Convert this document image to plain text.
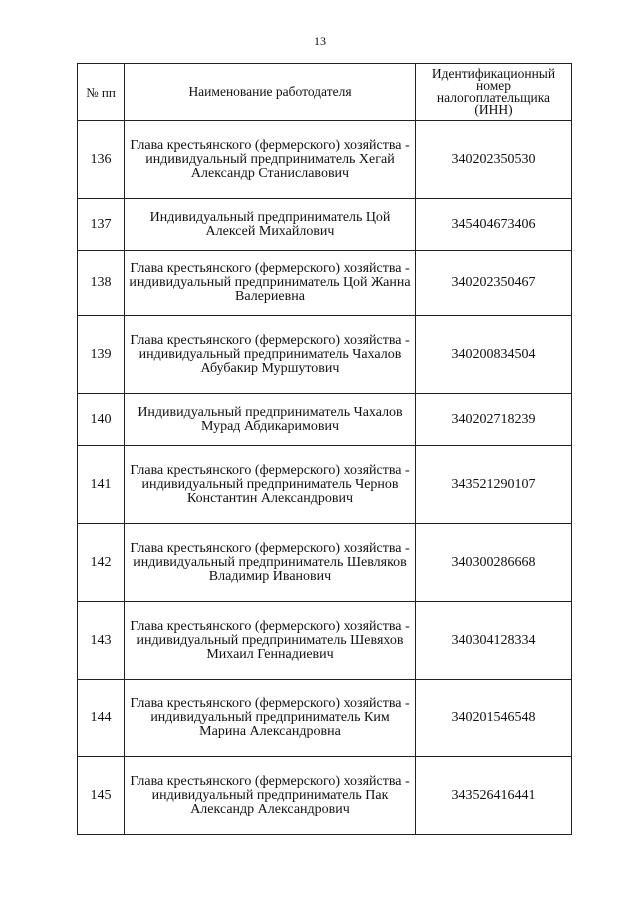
13
№ пп	Наименование работодателя	Идентификационный номер налогоплательщика (ИНН)
136	Глава крестьянского (фермерского) хозяйства - индивидуальный предприниматель Хегай Александр Станиславович	340202350530
137	Индивидуальный предприниматель Цой Алексей Михайлович	345404673406
138	Глава крестьянского (фермерского) хозяйства - индивидуальный предприниматель Цой Жанна Валериевна	340202350467
139	Глава крестьянского (фермерского) хозяйства - индивидуальный предприниматель Чахалов Абубакир Муршутович	340200834504
140	Индивидуальный предприниматель Чахалов Мурад Абдикаримович	340202718239
141	Глава крестьянского (фермерского) хозяйства - индивидуальный предприниматель Чернов Константин Александрович	343521290107
142	Глава крестьянского (фермерского) хозяйства - индивидуальный предприниматель Шевляков Владимир Иванович	340300286668
143	Глава крестьянского (фермерского) хозяйства - индивидуальный предприниматель Шевяхов Михаил Геннадиевич	340304128334
144	Глава крестьянского (фермерского) хозяйства - индивидуальный предприниматель Ким Марина Александровна	340201546548
145	Глава крестьянского (фермерского) хозяйства - индивидуальный предприниматель Пак Александр Александрович	343526416441
